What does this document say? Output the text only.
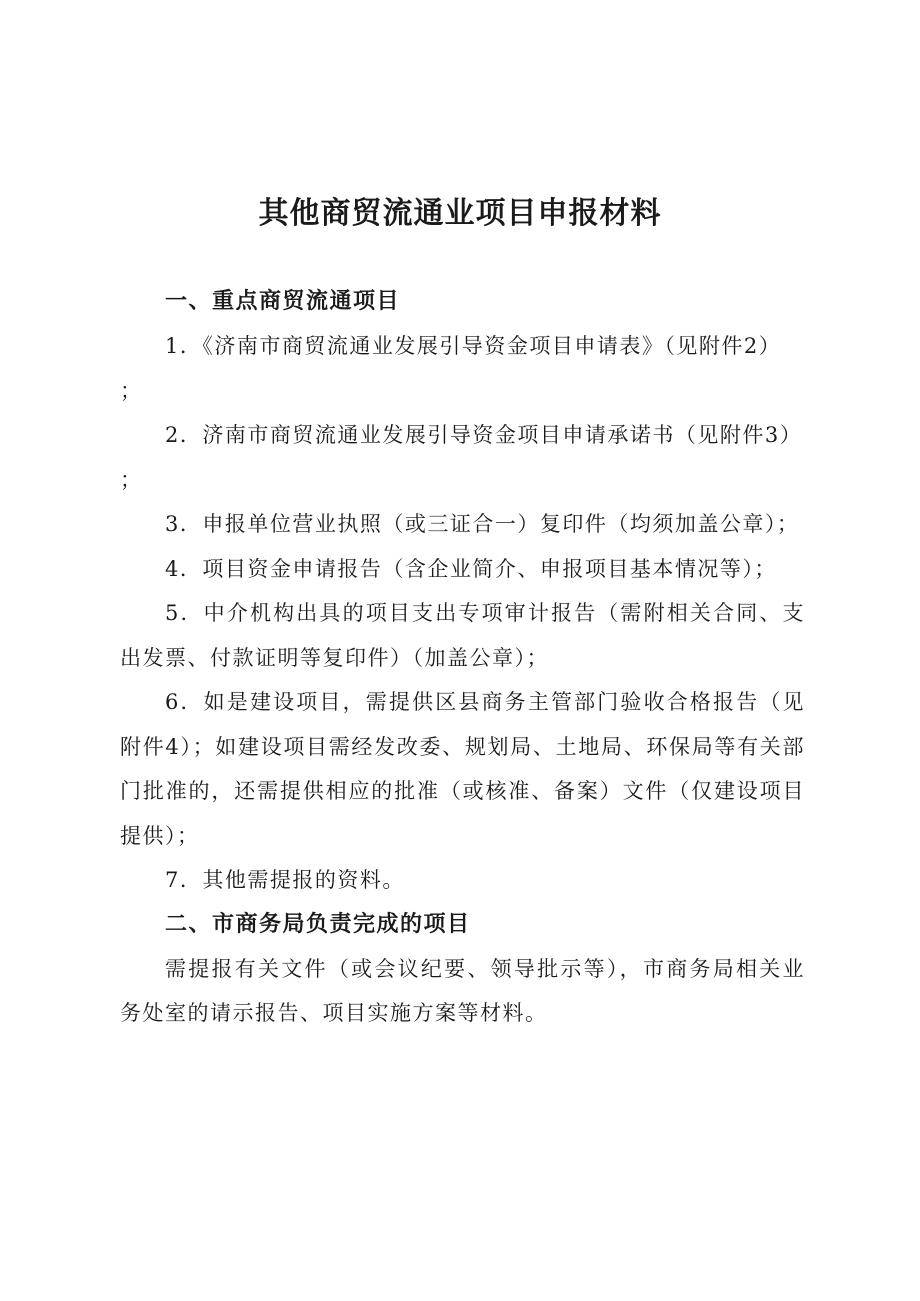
其他商贸流通业项目申报材料

一、重点商贸流通项目

1．《济南市商贸流通业发展引导资金项目申请表》（见附件2）
；

2．济南市商贸流通业发展引导资金项目申请承诺书（见附件3）
；

3．申报单位营业执照（或三证合一）复印件（均须加盖公章）；

4．项目资金申请报告（含企业简介、申报项目基本情况等）；

5．中介机构出具的项目支出专项审计报告（需附相关合同、支出发票、付款证明等复印件）（加盖公章）；

6．如是建设项目，需提供区县商务主管部门验收合格报告（见附件4）；如建设项目需经发改委、规划局、土地局、环保局等有关部门批准的，还需提供相应的批准（或核准、备案）文件（仅建设项目提供）；

7．其他需提报的资料。

二、市商务局负责完成的项目

需提报有关文件（或会议纪要、领导批示等），市商务局相关业务处室的请示报告、项目实施方案等材料。
